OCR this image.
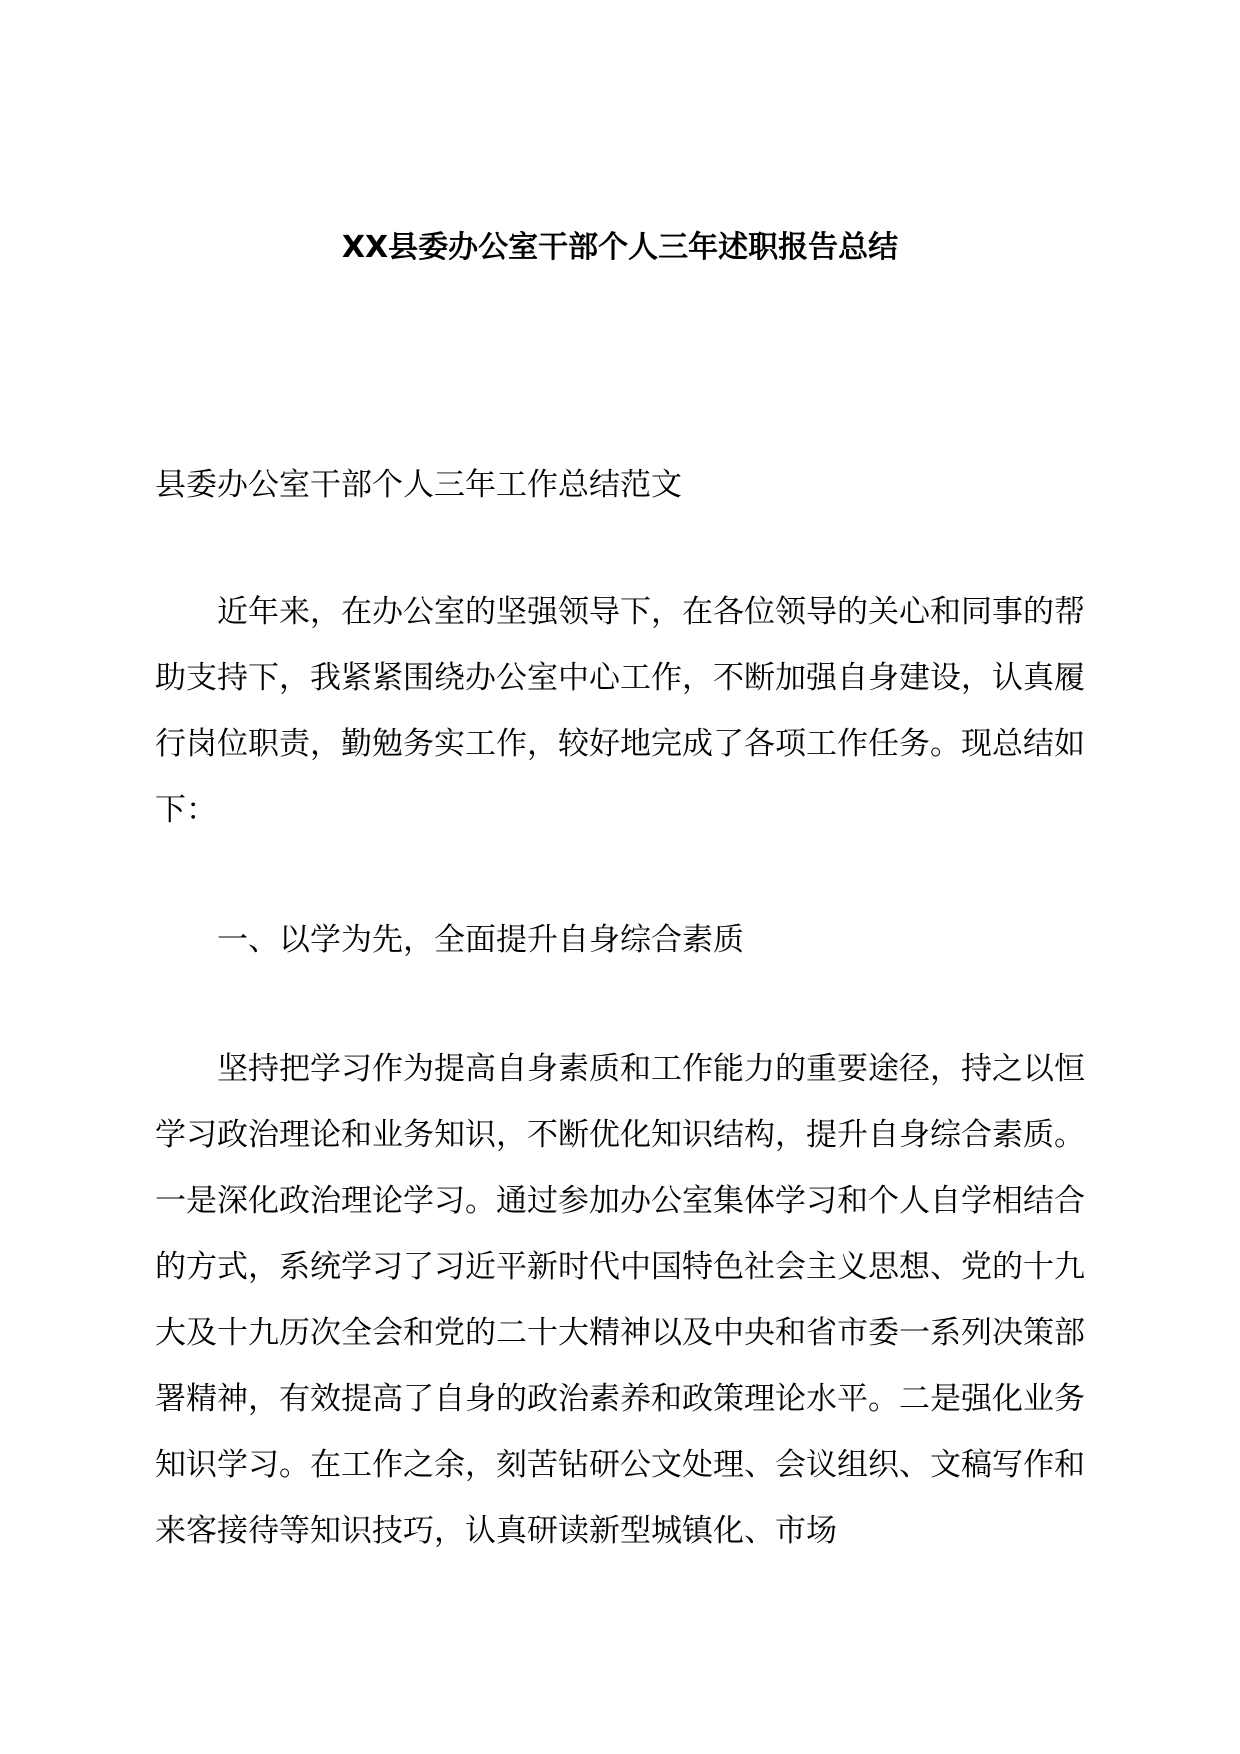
XX县委办公室干部个人三年述职报告总结

县委办公室干部个人三年工作总结范文

近年来，在办公室的坚强领导下，在各位领导的关心和同事的帮助支持下，我紧紧围绕办公室中心工作，不断加强自身建设，认真履行岗位职责，勤勉务实工作，较好地完成了各项工作任务。现总结如下：

一、以学为先，全面提升自身综合素质

坚持把学习作为提高自身素质和工作能力的重要途径，持之以恒学习政治理论和业务知识，不断优化知识结构，提升自身综合素质。一是深化政治理论学习。通过参加办公室集体学习和个人自学相结合的方式，系统学习了习近平新时代中国特色社会主义思想、党的十九大及十九历次全会和党的二十大精神以及中央和省市委一系列决策部署精神，有效提高了自身的政治素养和政策理论水平。二是强化业务知识学习。在工作之余，刻苦钻研公文处理、会议组织、文稿写作和来客接待等知识技巧，认真研读新型城镇化、市场
